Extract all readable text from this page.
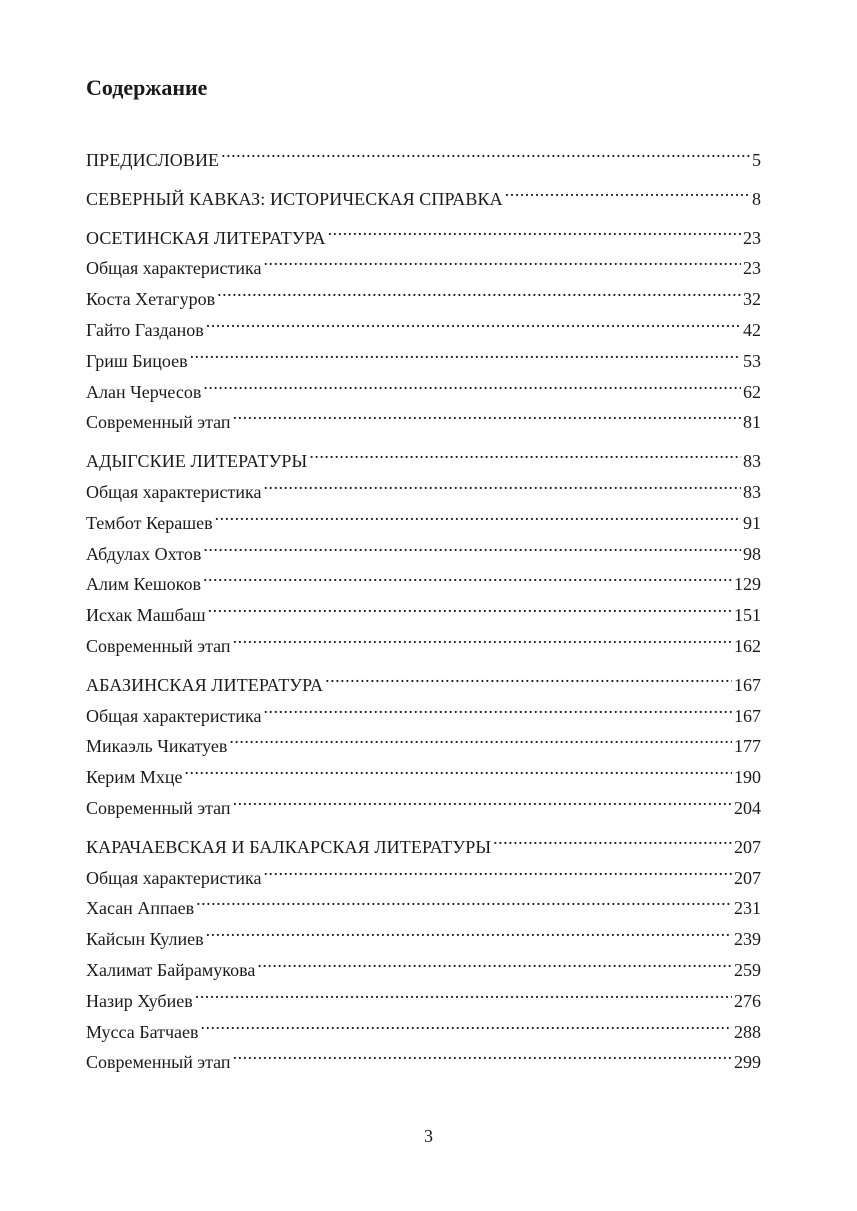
Содержание
ПРЕДИСЛОВИЕ .....	5
СЕВЕРНЫЙ КАВКАЗ: ИСТОРИЧЕСКАЯ СПРАВКА .....	8
ОСЕТИНСКАЯ ЛИТЕРАТУРА .....	23
Общая характеристика .....	23
Коста Хетагуров .....	32
Гайто Газданов .....	42
Гриш Бицоев .....	53
Алан Черчесов .....	62
Современный этап .....	81
АДЫГСКИЕ ЛИТЕРАТУРЫ .....	83
Общая характеристика .....	83
Тембот Керашев .....	91
Абдулах Охтов .....	98
Алим Кешоков .....	129
Исхак Машбаш .....	151
Современный этап .....	162
АБАЗИНСКАЯ ЛИТЕРАТУРА .....	167
Общая характеристика .....	167
Микаэль Чикатуев .....	177
Керим Мхце .....	190
Современный этап .....	204
КАРАЧАЕВСКАЯ И БАЛКАРСКАЯ ЛИТЕРАТУРЫ .....	207
Общая характеристика .....	207
Хасан Аппаев .....	231
Кайсын Кулиев .....	239
Халимат Байрамукова .....	259
Назир Хубиев .....	276
Мусса Батчаев .....	288
Современный этап .....	299
3
